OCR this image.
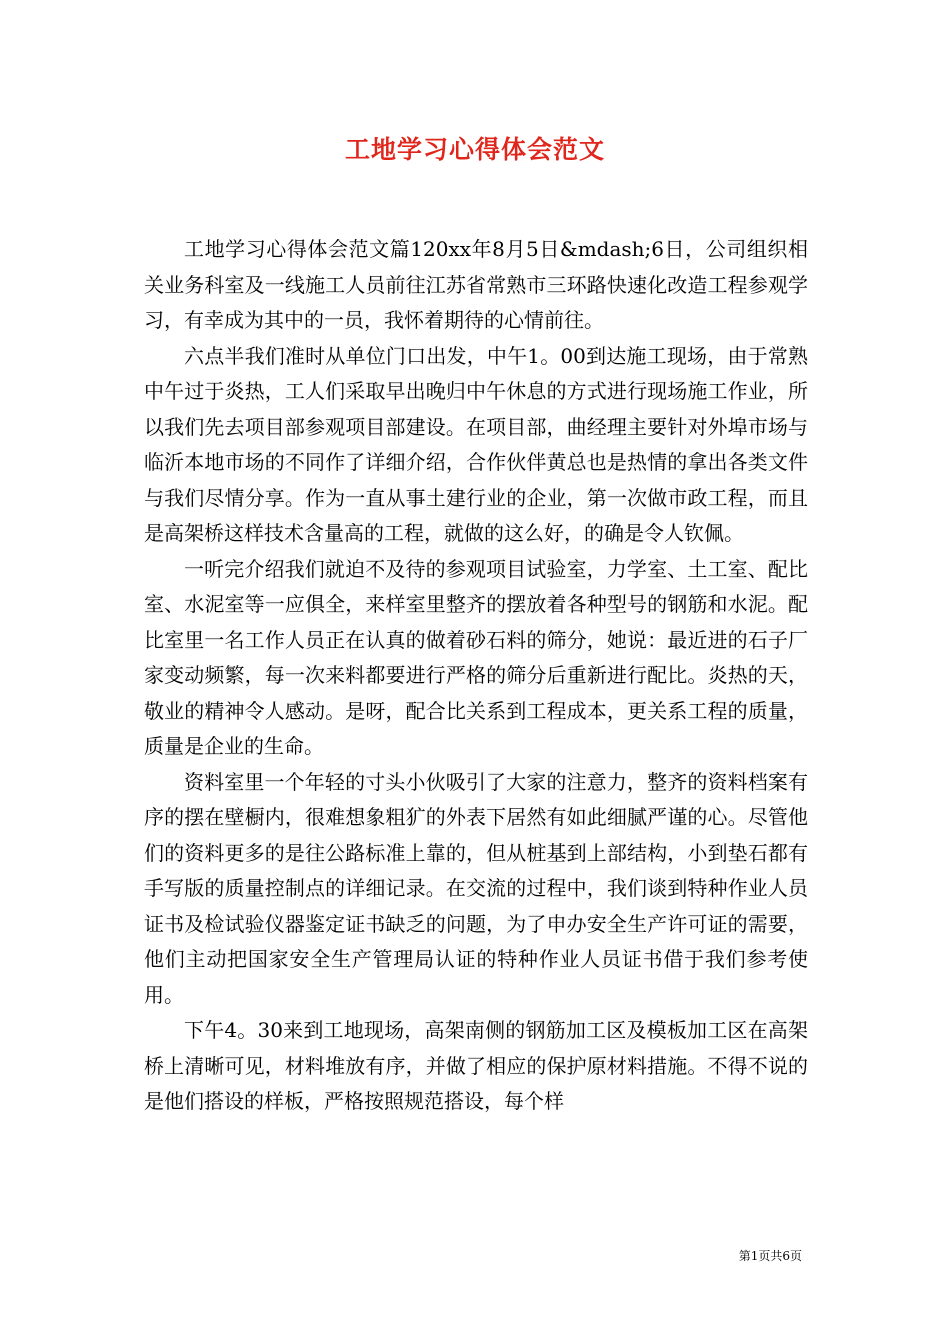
工地学习心得体会范文

工地学习心得体会范文篇120xx年8月5日&mdash;6日，公司组织相关业务科室及一线施工人员前往江苏省常熟市三环路快速化改造工程参观学习，有幸成为其中的一员，我怀着期待的心情前往。

六点半我们准时从单位门口出发，中午1。00到达施工现场，由于常熟中午过于炎热，工人们采取早出晚归中午休息的方式进行现场施工作业，所以我们先去项目部参观项目部建设。在项目部，曲经理主要针对外埠市场与临沂本地市场的不同作了详细介绍，合作伙伴黄总也是热情的拿出各类文件与我们尽情分享。作为一直从事土建行业的企业，第一次做市政工程，而且是高架桥这样技术含量高的工程，就做的这么好，的确是令人钦佩。

一听完介绍我们就迫不及待的参观项目试验室，力学室、土工室、配比室、水泥室等一应俱全，来样室里整齐的摆放着各种型号的钢筋和水泥。配比室里一名工作人员正在认真的做着砂石料的筛分，她说：最近进的石子厂家变动频繁，每一次来料都要进行严格的筛分后重新进行配比。炎热的天，敬业的精神令人感动。是呀，配合比关系到工程成本，更关系工程的质量，质量是企业的生命。

资料室里一个年轻的寸头小伙吸引了大家的注意力，整齐的资料档案有序的摆在壁橱内，很难想象粗犷的外表下居然有如此细腻严谨的心。尽管他们的资料更多的是往公路标准上靠的，但从桩基到上部结构，小到垫石都有手写版的质量控制点的详细记录。在交流的过程中，我们谈到特种作业人员证书及检试验仪器鉴定证书缺乏的问题，为了申办安全生产许可证的需要，他们主动把国家安全生产管理局认证的特种作业人员证书借于我们参考使用。

下午4。30来到工地现场，高架南侧的钢筋加工区及模板加工区在高架桥上清晰可见，材料堆放有序，并做了相应的保护原材料措施。不得不说的是他们搭设的样板，严格按照规范搭设，每个样

第1页共6页
